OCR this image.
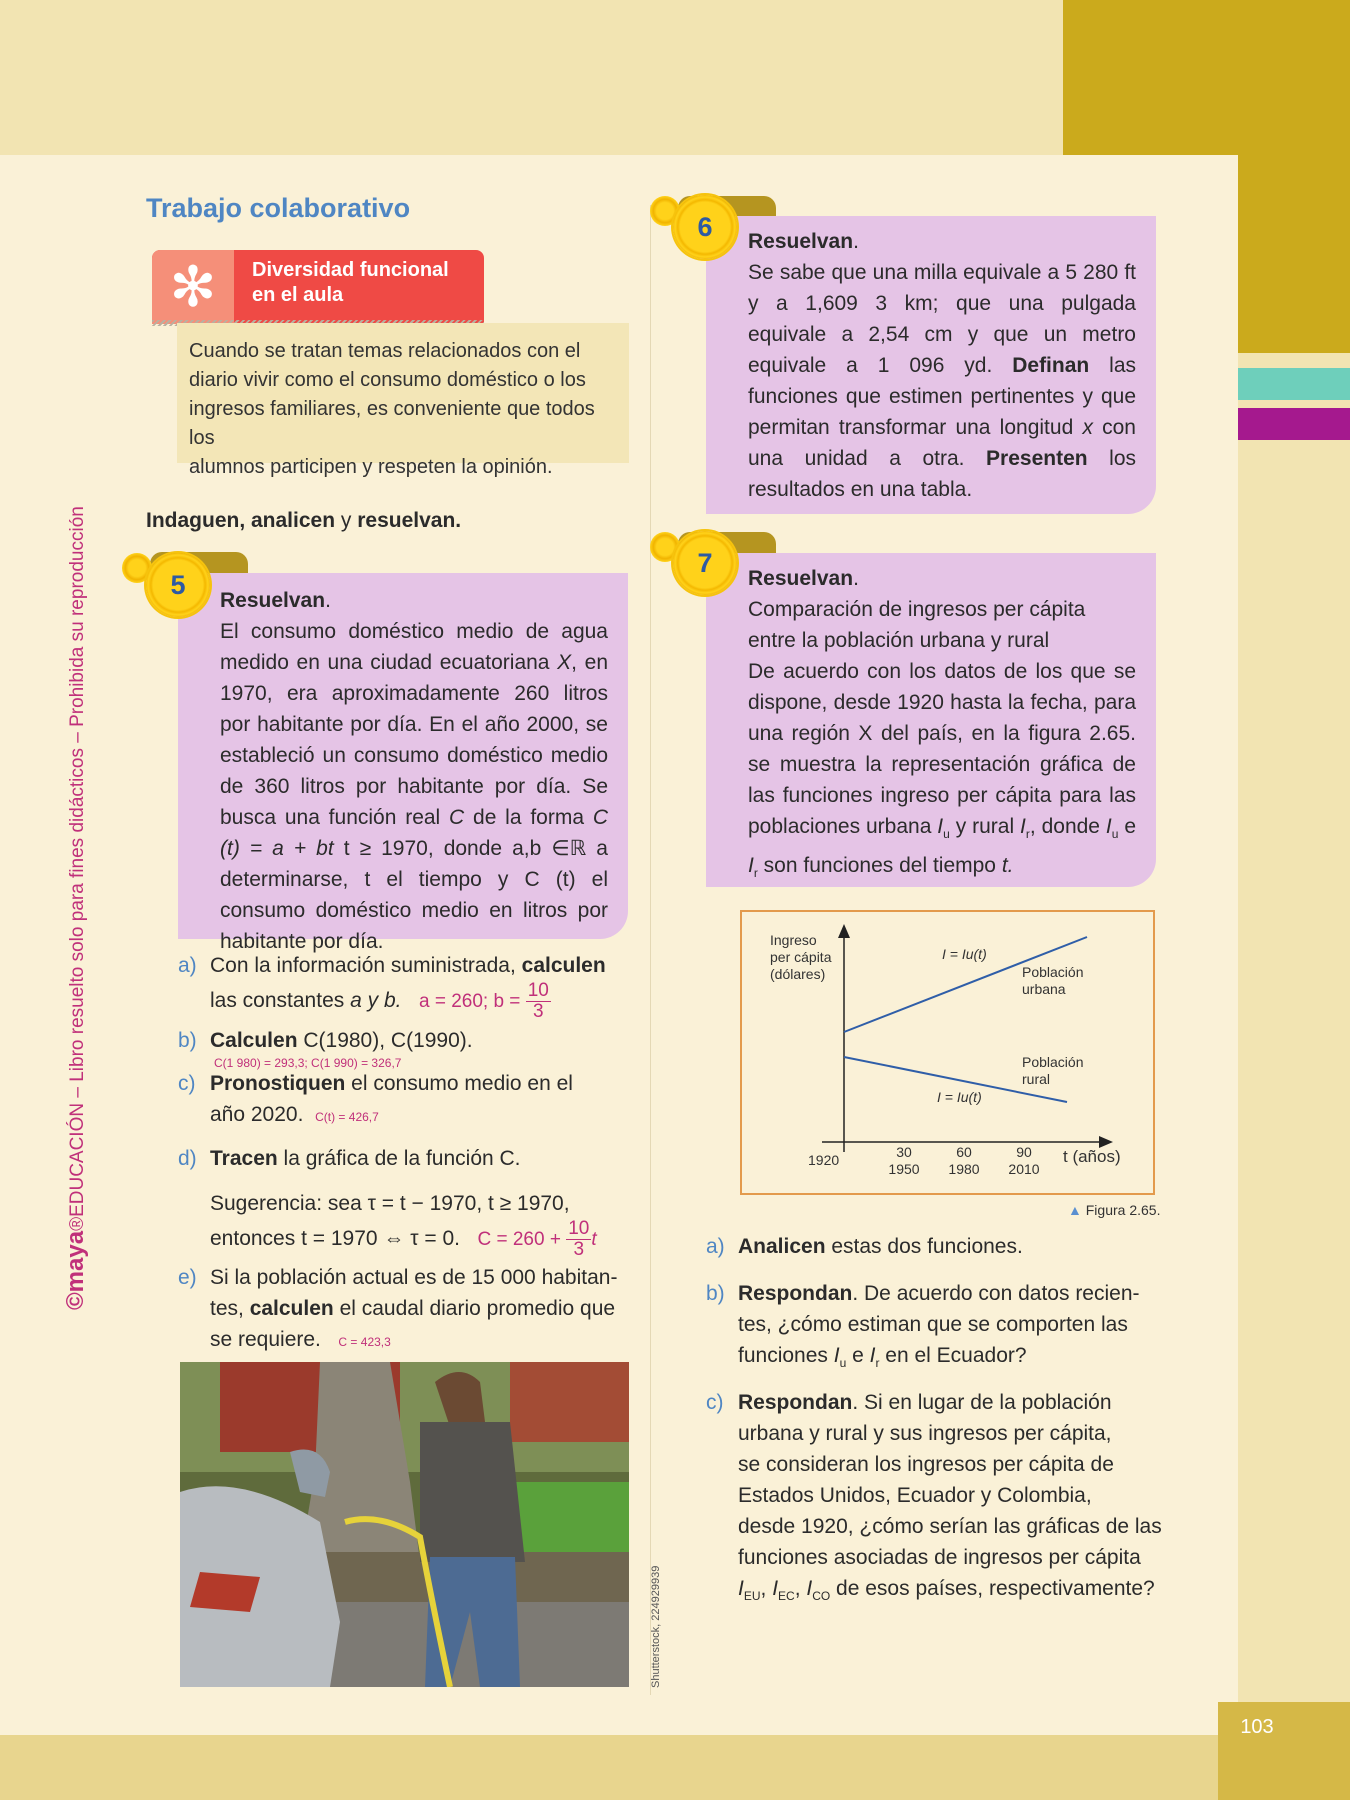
103
©maya®EDUCACIÓN – Libro resuelto solo para fines didácticos – Prohibida su reproducción
Trabajo colaborativo
✻	Diversidad funcional
en el aula
Cuando se tratan temas relacionados con el
diario vivir como el consumo doméstico o los
ingresos familiares, es conveniente que todos los
alumnos participen y respeten la opinión.
Indaguen, analicen y resuelvan.

Resuelvan.

El consumo doméstico medio de agua medido en una ciudad ecuatoriana X, en 1970, era aproximadamente 260 litros por habitante por día. En el año 2000, se estableció un consumo doméstico medio de 360 litros por habitante por día. Se busca una función real C de la forma C (t) = a + bt t ≥ 1970, donde a,b ∈ℝ a determinarse, t el tiempo y C (t) el consumo doméstico medio en litros por habitante por día.

5
a) Con la información suministrada, calculen
las constantes a y b. a = 260; $b = \frac{10}{3}$
b) Calculen C(1980), C(1990).
C(1 980) = 293,3; C(1 990) = 326,7
c) Pronostiquen el consumo medio en el
año 2020. C(t) = 426,7
d) Tracen la gráfica de la función C.
Sugerencia: sea τ = t − 1970, t ≥ 1970,
entonces t = 1970 ⇔ τ = 0. $C = 260 + \frac{10}{3}$ t
e) Si la población actual es de 15 000 habitan-
tes, calculen el caudal diario promedio que
se requiere. C = 423,3
Shutterstock, 224929939

Resuelvan.

Se sabe que una milla equivale a 5 280 ft y a 1,609 3 km; que una pulgada equivale a 2,54 cm y que un metro equivale a 1 096 yd. Definan las funciones que estimen pertinentes y que permitan transformar una longitud x con una unidad a otra. Presenten los resultados en una tabla.

6

Resuelvan.

Comparación de ingresos per cápita entre la población urbana y rural

De acuerdo con los datos de los que se dispone, desde 1920 hasta la fecha, para una región X del país, en la figura 2.65. se muestra la representación gráfica de las funciones ingreso per cápita para las poblaciones urbana $I_u$ y rural $I_r$, donde $I_u$ e $I_r$ son funciones del tiempo t.

7
Ingreso
per cápita
(dólares)
I = Iu(t)
Población
urbana
Población
rural
I = Iu(t)
1920	30
1950
60
1980
90
2010
t (años)
▲ Figura 2.65.
a) Analicen estas dos funciones.
b) Respondan. De acuerdo con datos recien-
tes, ¿cómo estiman que se comporten las
funciones $I_u$ e $I_r$ en el Ecuador?
c) Respondan. Si en lugar de la población
urbana y rural y sus ingresos per cápita,
se consideran los ingresos per cápita de
Estados Unidos, Ecuador y Colombia,
desde 1920, ¿cómo serían las gráficas de las
funciones asociadas de ingresos per cápita
$I_{EU}$, $I_{EC}$, $I_{CO}$ de esos países, respectivamente?
